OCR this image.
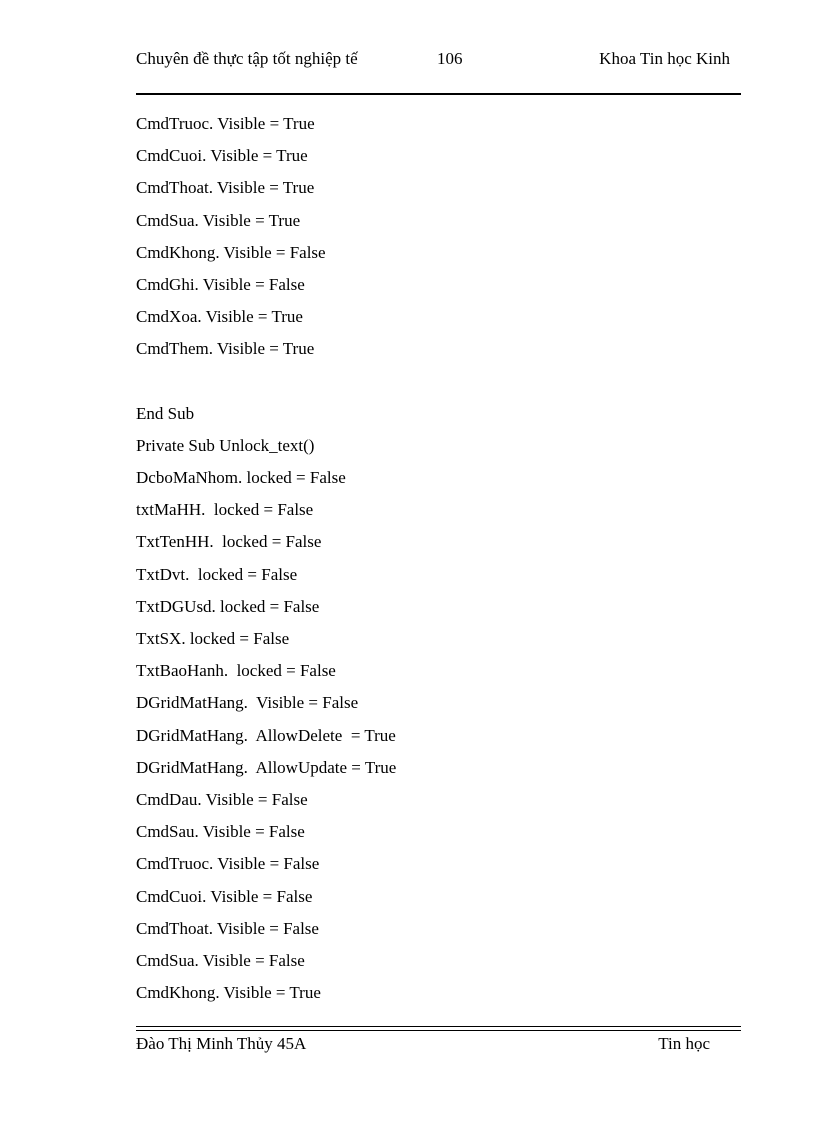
Chuyên đề thực tập tốt nghiệp tế	106	Khoa Tin học Kinh
CmdTruoc. Visible = True
CmdCuoi. Visible = True
CmdThoat. Visible = True
CmdSua. Visible = True
CmdKhong. Visible = False
CmdGhi. Visible = False
CmdXoa. Visible = True
CmdThem. Visible = True
End Sub
Private Sub Unlock_text()
DcboMaNhom. locked = False
txtMaHH.  locked = False
TxtTenHH.  locked = False
TxtDvt.  locked = False
TxtDGUsd. locked = False
TxtSX. locked = False
TxtBaoHanh.  locked = False
DGridMatHang.  Visible = False
DGridMatHang.  AllowDelete  = True
DGridMatHang.  AllowUpdate = True
CmdDau. Visible = False
CmdSau. Visible = False
CmdTruoc. Visible = False
CmdCuoi. Visible = False
CmdThoat. Visible = False
CmdSua. Visible = False
CmdKhong. Visible = True
Đào Thị Minh Thủy 45A	Tin học
